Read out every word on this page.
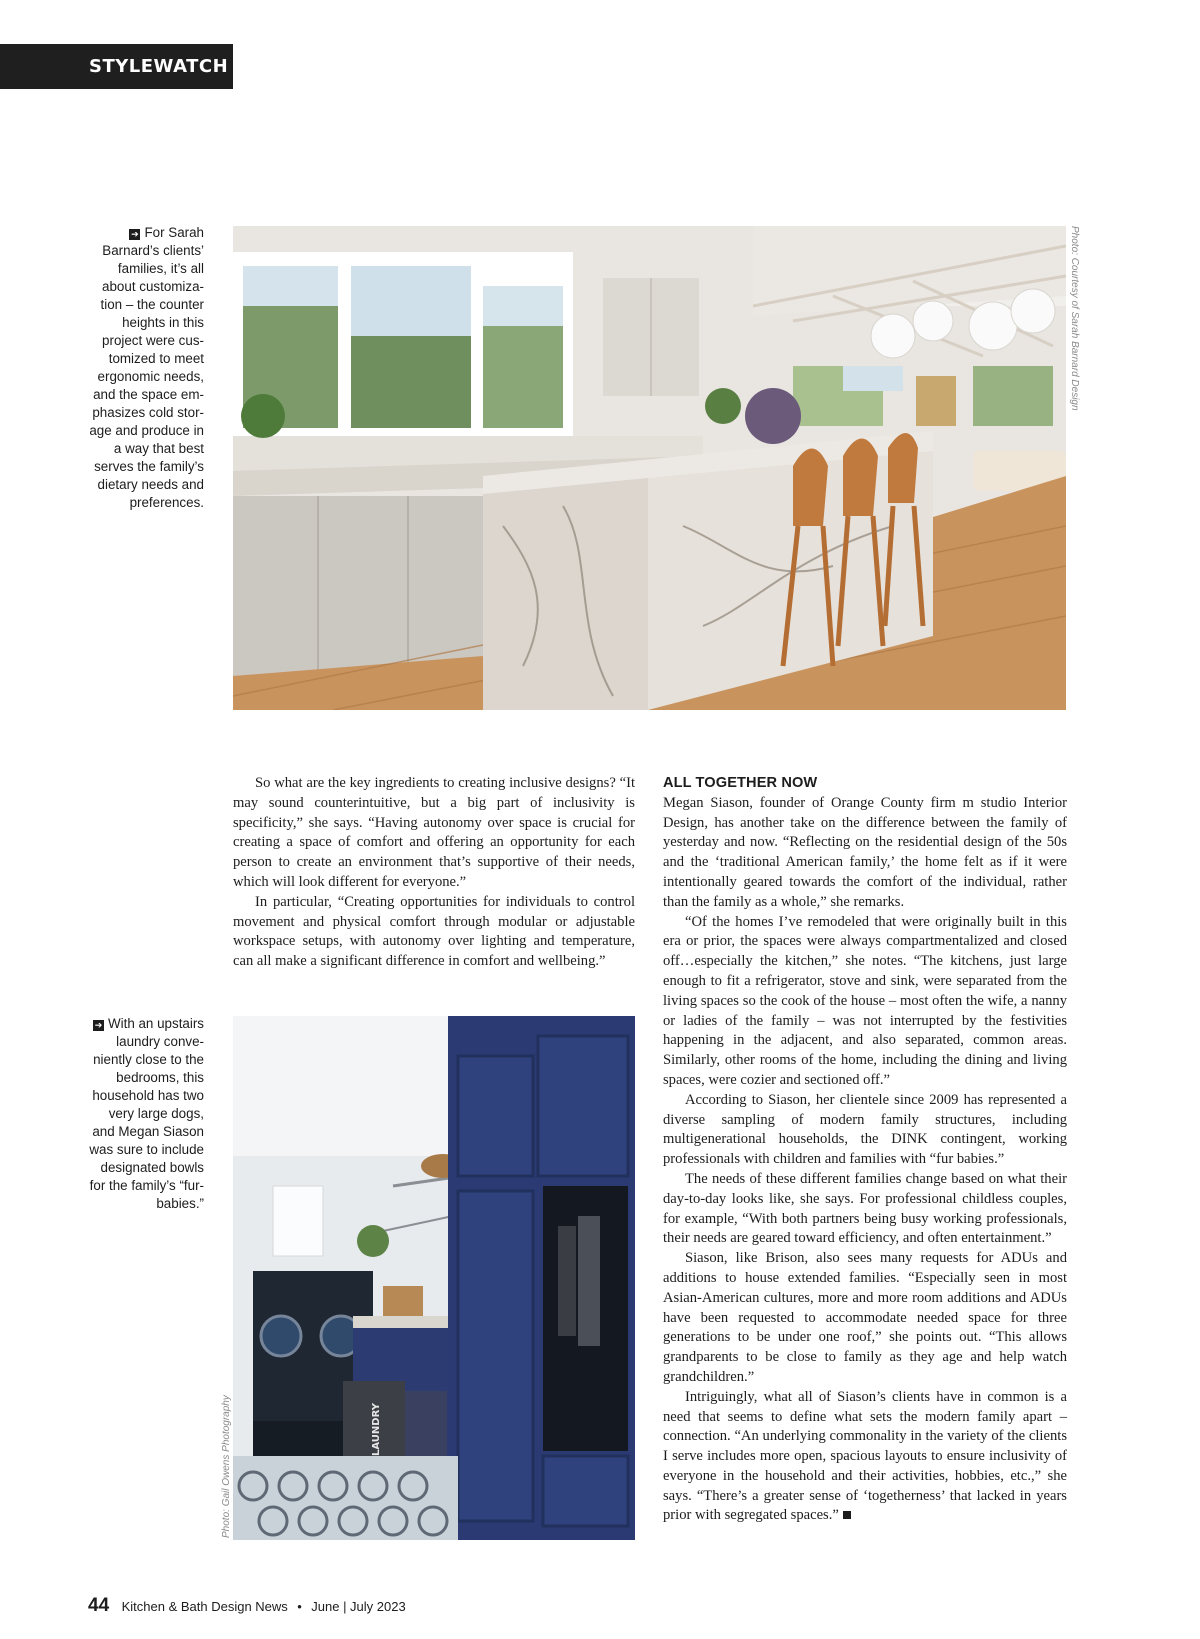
STYLEWATCH
➔ For Sarah Barnard’s clients’ families, it’s all about customiza-tion – the counter heights in this project were cus-tomized to meet ergonomic needs, and the space em-phasizes cold stor-age and produce in a way that best serves the family’s dietary needs and preferences.
Photo: Courtesy of Sarah Barnard Design

So what are the key ingredients to creating inclusive designs? “It may sound counterintuitive, but a big part of inclusivity is specificity,” she says. “Having autonomy over space is crucial for creating a space of comfort and offering an opportunity for each person to create an environment that’s supportive of their needs, which will look different for everyone.”

In particular, “Creating opportunities for individuals to control movement and physical comfort through modular or adjustable workspace setups, with autonomy over lighting and temperature, can all make a significant difference in comfort and wellbeing.”

➔ With an upstairs laundry conve-niently close to the bedrooms, this household has two very large dogs, and Megan Siason was sure to include designated bowls for the family’s “fur-babies.”
LAUNDRY
Photo: Gail Owens Photography
ALL TOGETHER NOW

Megan Siason, founder of Orange County firm m studio Interior Design, has another take on the difference between the family of yesterday and now. “Reflecting on the residential design of the 50s and the ‘traditional American family,’ the home felt as if it were intentionally geared towards the comfort of the individual, rather than the family as a whole,” she remarks.

“Of the homes I’ve remodeled that were originally built in this era or prior, the spaces were always compartmentalized and closed off…especially the kitchen,” she notes. “The kitchens, just large enough to fit a refrigerator, stove and sink, were separated from the living spaces so the cook of the house – most often the wife, a nanny or ladies of the family – was not interrupted by the festivities happening in the adjacent, and also separated, common areas. Similarly, other rooms of the home, including the dining and living spaces, were cozier and sectioned off.”

According to Siason, her clientele since 2009 has represented a diverse sampling of modern family structures, including multigenerational households, the DINK contingent, working professionals with children and families with “fur babies.”

The needs of these different families change based on what their day-to-day looks like, she says. For professional childless couples, for example, “With both partners being busy working professionals, their needs are geared toward efficiency, and often entertainment.”

Siason, like Brison, also sees many requests for ADUs and additions to house extended families. “Especially seen in most Asian-American cultures, more and more room additions and ADUs have been requested to accommodate needed space for three generations to be under one roof,” she points out. “This allows grandparents to be close to family as they age and help watch grandchildren.”

Intriguingly, what all of Siason’s clients have in common is a need that seems to define what sets the modern family apart – connection. “An underlying commonality in the variety of the clients I serve includes more open, spacious layouts to ensure inclusivity of everyone in the household and their activities, hobbies, etc.,” she says. “There’s a greater sense of ‘togetherness’ that lacked in years prior with segregated spaces.”

44 Kitchen & Bath Design News • June | July 2023
